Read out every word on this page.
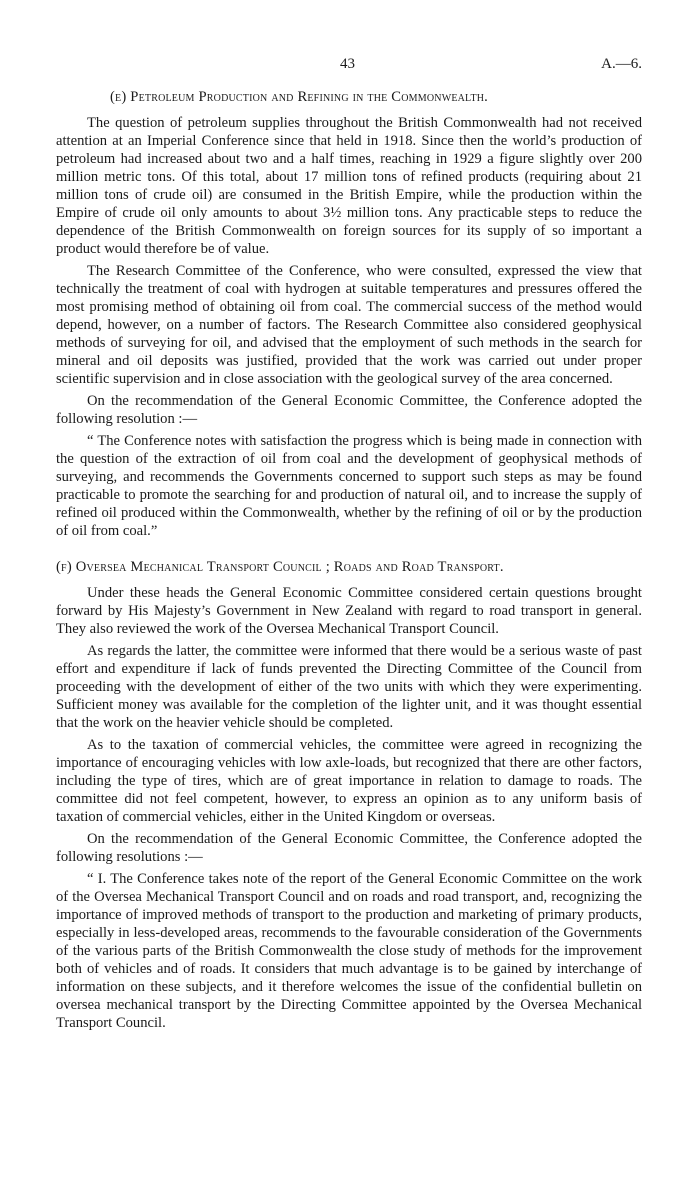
43	A.—6.
(e) Petroleum Production and Refining in the Commonwealth.

The question of petroleum supplies throughout the British Commonwealth had not received attention at an Imperial Conference since that held in 1918. Since then the world’s production of petroleum had increased about two and a half times, reaching in 1929 a figure slightly over 200 million metric tons. Of this total, about 17 million tons of refined products (requiring about 21 million tons of crude oil) are consumed in the British Empire, while the production within the Empire of crude oil only amounts to about 3½ million tons. Any practicable steps to reduce the dependence of the British Commonwealth on foreign sources for its supply of so important a product would therefore be of value.

The Research Committee of the Conference, who were consulted, expressed the view that technically the treatment of coal with hydrogen at suitable temperatures and pressures offered the most promising method of obtaining oil from coal. The commercial success of the method would depend, however, on a number of factors. The Research Committee also considered geophysical methods of surveying for oil, and advised that the employment of such methods in the search for mineral and oil deposits was justified, provided that the work was carried out under proper scientific supervision and in close association with the geological survey of the area concerned.

On the recommendation of the General Economic Committee, the Conference adopted the following resolution :—

“ The Conference notes with satisfaction the progress which is being made in connection with the question of the extraction of oil from coal and the development of geophysical methods of surveying, and recommends the Governments concerned to support such steps as may be found practicable to promote the searching for and production of natural oil, and to increase the supply of refined oil produced within the Commonwealth, whether by the refining of oil or by the production of oil from coal.”

(f) Oversea Mechanical Transport Council ; Roads and Road Transport.

Under these heads the General Economic Committee considered certain questions brought forward by His Majesty’s Government in New Zealand with regard to road transport in general. They also reviewed the work of the Oversea Mechanical Transport Council.

As regards the latter, the committee were informed that there would be a serious waste of past effort and expenditure if lack of funds prevented the Directing Committee of the Council from proceeding with the development of either of the two units with which they were experimenting. Sufficient money was available for the completion of the lighter unit, and it was thought essential that the work on the heavier vehicle should be completed.

As to the taxation of commercial vehicles, the committee were agreed in recognizing the importance of encouraging vehicles with low axle-loads, but recognized that there are other factors, including the type of tires, which are of great importance in relation to damage to roads. The committee did not feel competent, however, to express an opinion as to any uniform basis of taxation of commercial vehicles, either in the United Kingdom or overseas.

On the recommendation of the General Economic Committee, the Conference adopted the following resolutions :—

“ I. The Conference takes note of the report of the General Economic Committee on the work of the Oversea Mechanical Transport Council and on roads and road transport, and, recognizing the importance of improved methods of transport to the production and marketing of primary products, especially in less-developed areas, recommends to the favourable consideration of the Governments of the various parts of the British Commonwealth the close study of methods for the improvement both of vehicles and of roads. It considers that much advantage is to be gained by interchange of information on these subjects, and it therefore welcomes the issue of the confidential bulletin on oversea mechanical transport by the Directing Committee appointed by the Oversea Mechanical Transport Council.
